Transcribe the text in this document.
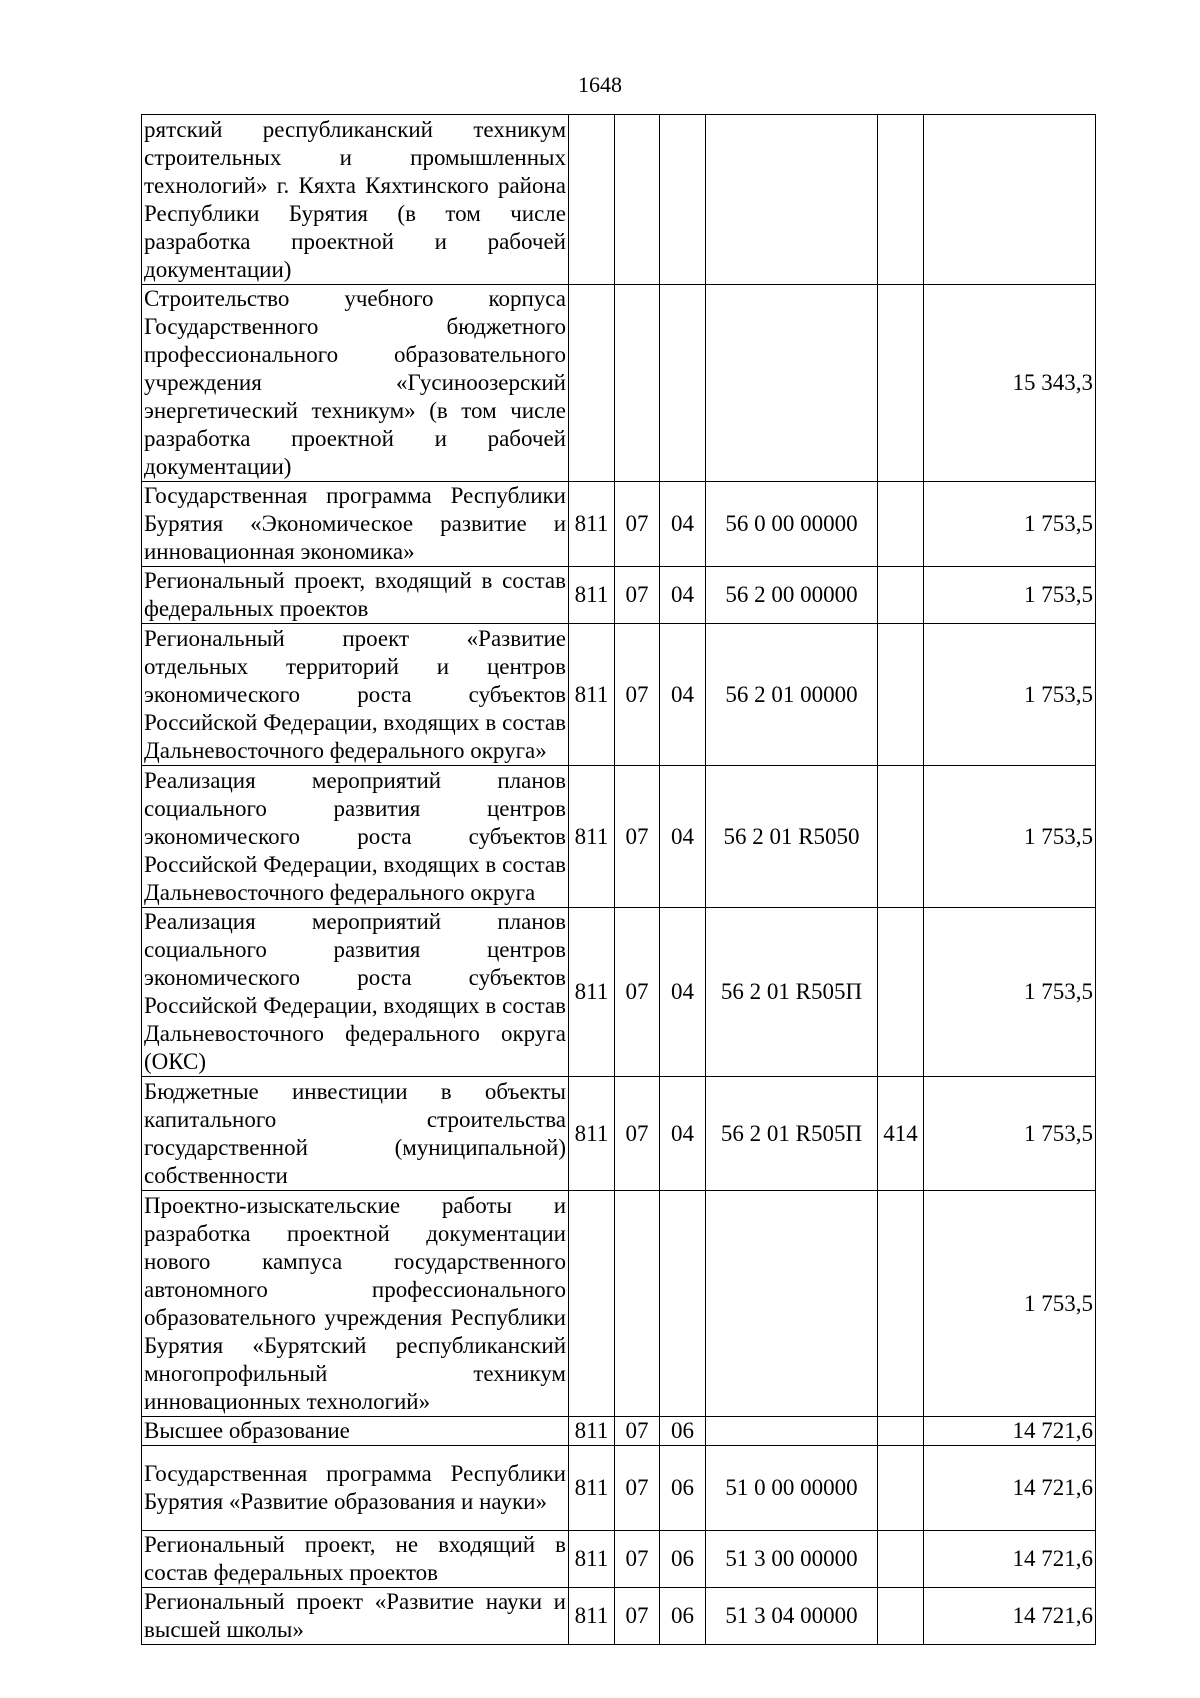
1648
рятский республиканский техникум строительных и промышленных технологий» г. Кяхта Кяхтинского района Республики Бурятия (в том числе разработка проектной и рабочей документации)						
Строительство учебного корпуса Государственного бюджетного профессионального образовательного учреждения «Гусиноозерский энергетический техникум» (в том числе разработка проектной и рабочей документации)						15 343,3
Государственная программа Республики Бурятия «Экономическое развитие и инновационная экономика»	811	07	04	56 0 00 00000		1 753,5
Региональный проект, входящий в состав федеральных проектов	811	07	04	56 2 00 00000		1 753,5
Региональный проект «Развитие отдельных территорий и центров экономического роста субъектов Российской Федерации, входящих в состав Дальневосточного федерального округа»	811	07	04	56 2 01 00000		1 753,5
Реализация мероприятий планов социального развития центров экономического роста субъектов Российской Федерации, входящих в состав Дальневосточного федерального округа	811	07	04	56 2 01 R5050		1 753,5
Реализация мероприятий планов социального развития центров экономического роста субъектов Российской Федерации, входящих в состав Дальневосточного федерального округа (ОКС)	811	07	04	56 2 01 R505П		1 753,5
Бюджетные инвестиции в объекты капитального строительства государственной (муниципальной) собственности	811	07	04	56 2 01 R505П	414	1 753,5
Проектно-изыскательские работы и разработка проектной документации нового кампуса государственного автономного профессионального образовательного учреждения Республики Бурятия «Бурятский республиканский многопрофильный техникум инновационных технологий»						1 753,5
Высшее образование	811	07	06			14 721,6
Государственная программа Республики Бурятия «Развитие образования и науки»	811	07	06	51 0 00 00000		14 721,6
Региональный проект, не входящий в состав федеральных проектов	811	07	06	51 3 00 00000		14 721,6
Региональный проект «Развитие науки и высшей школы»	811	07	06	51 3 04 00000		14 721,6
